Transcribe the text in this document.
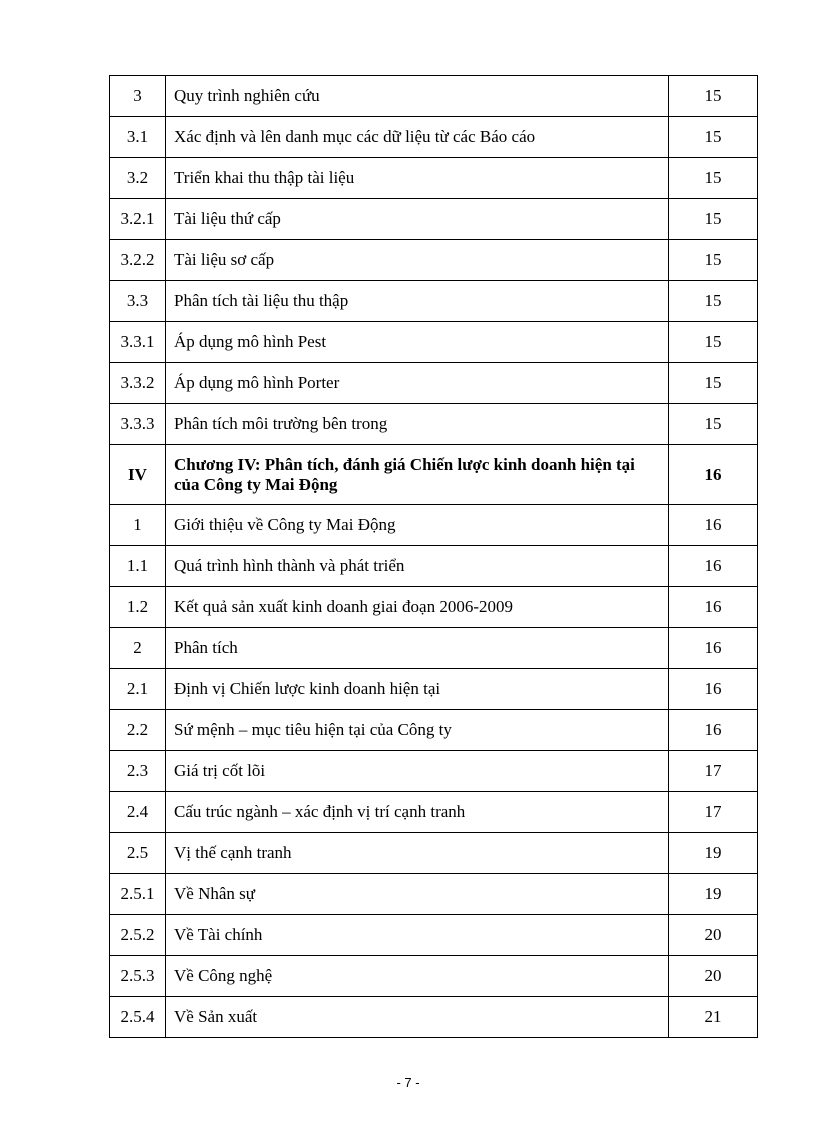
3	Quy trình nghiên cứu	15
3.1	Xác định và lên danh mục các dữ liệu từ các Báo cáo	15
3.2	Triển khai thu thập tài liệu	15
3.2.1	Tài liệu thứ cấp	15
3.2.2	Tài liệu sơ cấp	15
3.3	Phân tích tài liệu thu thập	15
3.3.1	Áp dụng mô hình Pest	15
3.3.2	Áp dụng mô hình Porter	15
3.3.3	Phân tích môi trường bên trong	15
IV	Chương IV: Phân tích, đánh giá Chiến lược kinh doanh hiện tại của Công ty Mai Động	16
1	Giới thiệu về Công ty Mai Động	16
1.1	Quá trình hình thành và phát triển	16
1.2	Kết quả sản xuất kinh doanh giai đoạn 2006-2009	16
2	Phân tích	16
2.1	Định vị Chiến lược kinh doanh hiện tại	16
2.2	Sứ mệnh – mục tiêu hiện tại của Công ty	16
2.3	Giá trị cốt lõi	17
2.4	Cấu trúc ngành – xác định vị trí cạnh tranh	17
2.5	Vị thế cạnh tranh	19
2.5.1	Về Nhân sự	19
2.5.2	Về Tài chính	20
2.5.3	Về Công nghệ	20
2.5.4	Về Sản xuất	21
- 7 -
